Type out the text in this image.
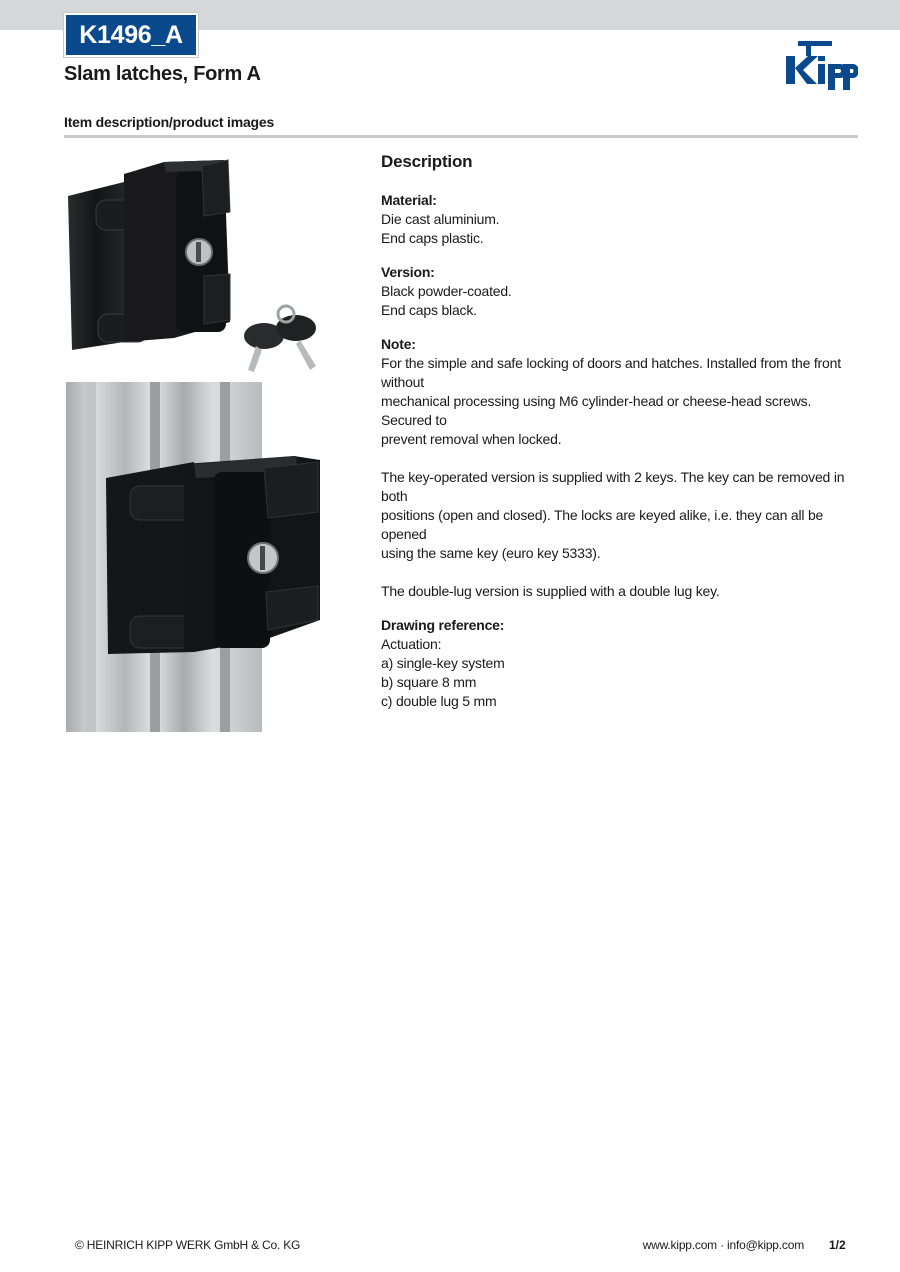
K1496_A
Slam latches, Form A
Item description/product images
Description
Material:
Die cast aluminium.
End caps plastic.
Version:
Black powder-coated.
End caps black.
Note:
For the simple and safe locking of doors and hatches. Installed from the front without
mechanical processing using M6 cylinder-head or cheese-head screws. Secured to
prevent removal when locked.
The key-operated version is supplied with 2 keys. The key can be removed in both
positions (open and closed). The locks are keyed alike, i.e. they can all be opened
using the same key (euro key 5333).
The double-lug version is supplied with a double lug key.
Drawing reference:
Actuation:
a) single-key system
b) square 8 mm
c) double lug 5 mm
© HEINRICH KIPP WERK GmbH & Co. KG	www.kipp.com · info@kipp.com 1/2
